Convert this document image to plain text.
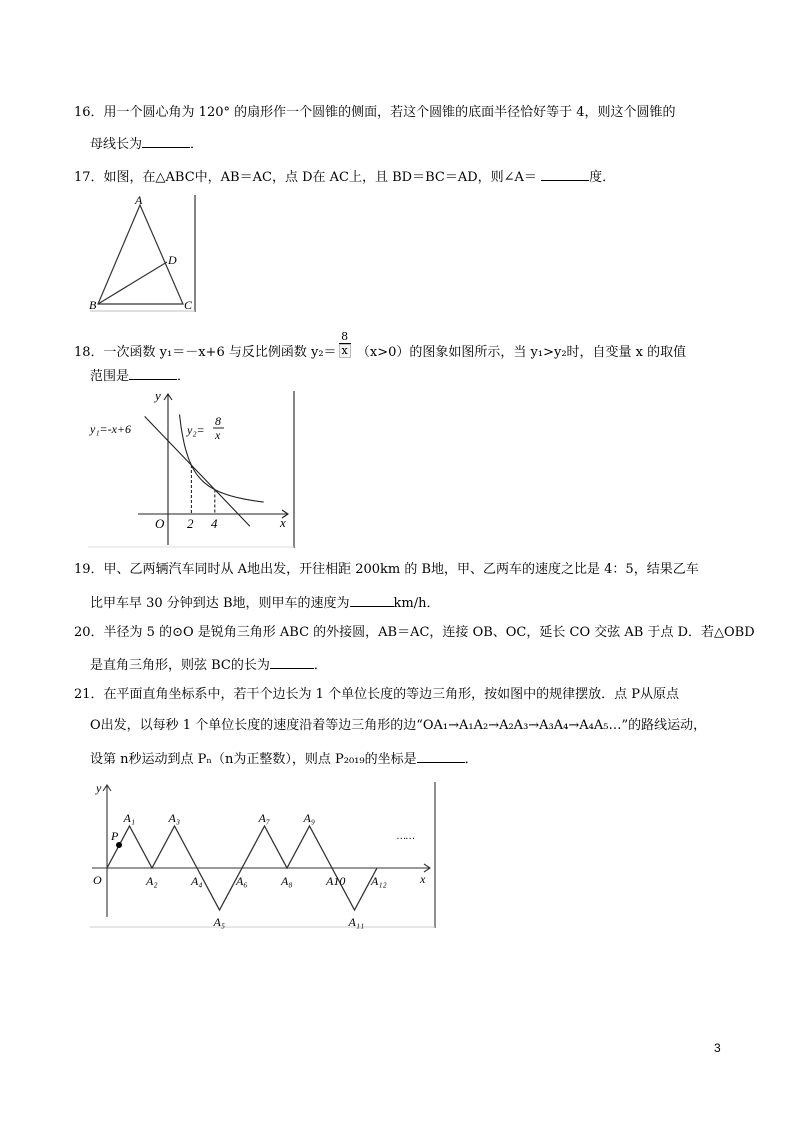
16．用一个圆心角为 120° 的扇形作一个圆锥的侧面，若这个圆锥的底面半径恰好等于 4，则这个圆锥的
母线长为	．
17．如图，在△ABC中，AB＝AC，点 D在 AC上，且 BD＝BC＝AD，则∠A＝	度．
A
B	C
D
18．一次函数 y₁＝－x+6 与反比例函数 $y_2= \frac{8}{x} (x>0)$的图象如图所示，当 y₁>y₂时，自变量 x 的取值
范围是	．
y
x
O 2 4
y₁=-x+6	y₂=
8
x
19．甲、乙两辆汽车同时从 A地出发，开往相距 200km 的 B地，甲、乙两车的速度之比是 4：5，结果乙车
比甲车早 30 分钟到达 B地，则甲车的速度为	km/h．
20．半径为 5 的⊙O 是锐角三角形 ABC 的外接圆，AB＝AC，连接 OB、OC，延长 CO 交弦 AB 于点 D．若△OBD
是直角三角形，则弦 BC的长为	．
21．在平面直角坐标系中，若干个边长为 1 个单位长度的等边三角形，按如图中的规律摆放．点 P从原点
O出发，以每秒 1 个单位长度的速度沿着等边三角形的边“OA₁→A₁A₂→A₂A₃→A₃A₄→A₄A₅…”的路线运动，
设第 n秒运动到点 Pₙ（n为正整数），则点 P₂₀₁₉的坐标是	．
P
y
x
O
……
A₁
A₂
A₃
A₄
A₅
A₆
A₇
A₈
A₉
A10
A₁₁
A₁₂
3
